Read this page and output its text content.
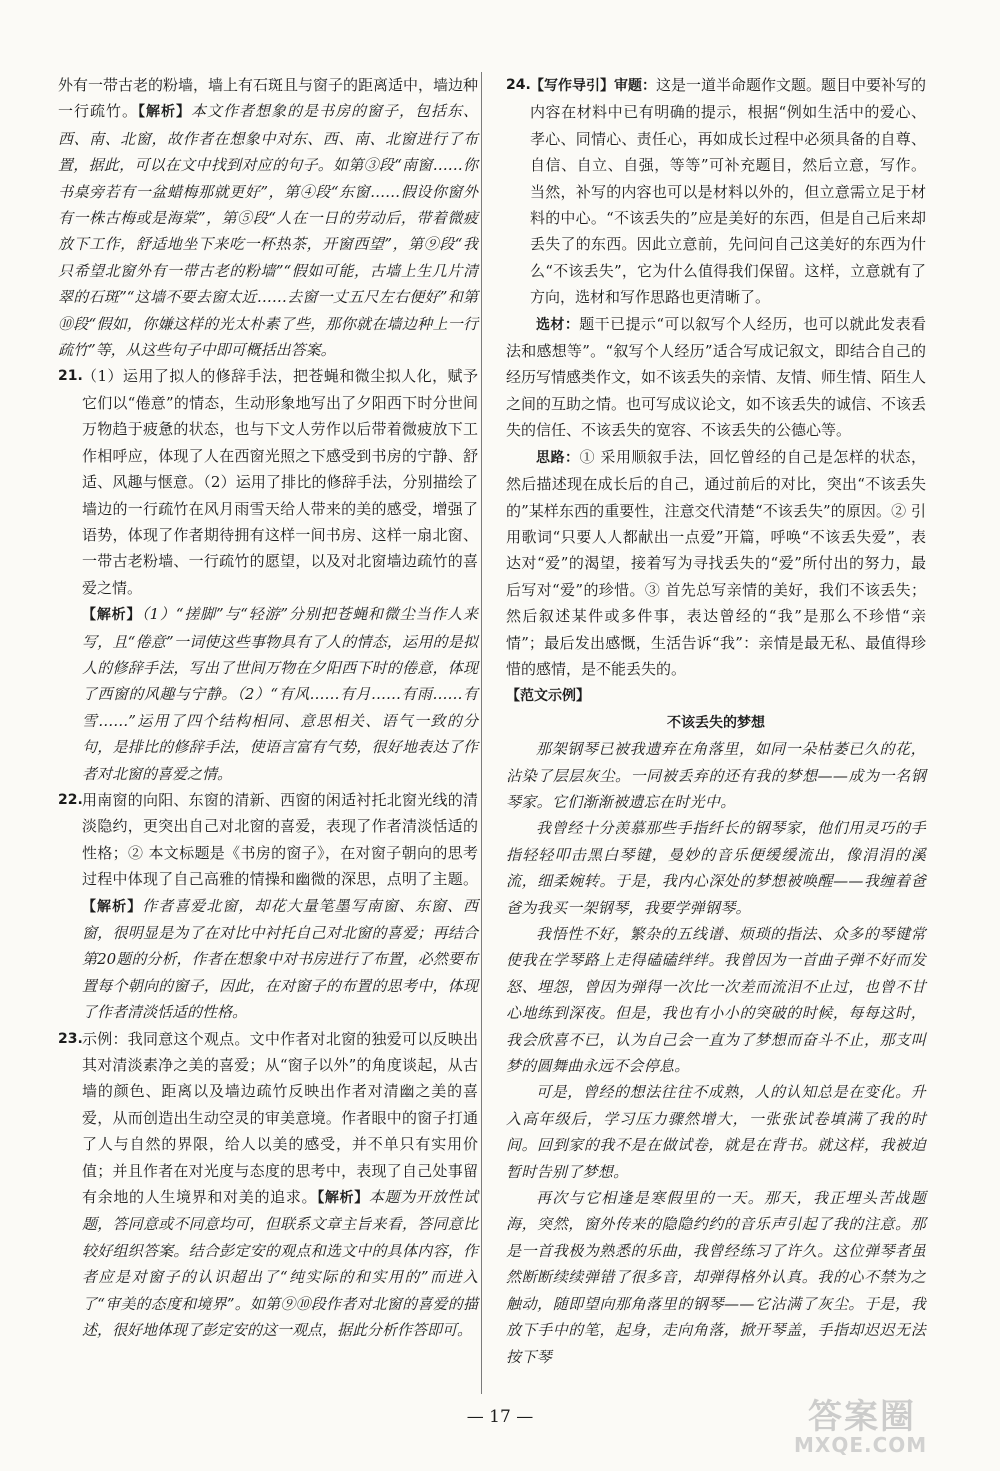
外有一带古老的粉墙，墙上有石斑且与窗子的距离适中，墙边种一行疏竹。【解析】本文作者想象的是书房的窗子，包括东、西、南、北窗，故作者在想象中对东、西、南、北窗进行了布置，据此，可以在文中找到对应的句子。如第③段“南窗……你书桌旁若有一盆蜡梅那就更好”，第④段“东窗……假设你窗外有一株古梅或是海棠”，第⑤段“人在一日的劳动后，带着微疲放下工作，舒适地坐下来吃一杯热茶，开窗西望”，第⑨段“我只希望北窗外有一带古老的粉墙”“假如可能，古墙上生几片清翠的石斑”“这墙不要去窗太近……去窗一丈五尺左右便好”和第⑩段“假如，你嫌这样的光太朴素了些，那你就在墙边种上一行疏竹”等，从这些句子中即可概括出答案。

21. （1）运用了拟人的修辞手法，把苍蝇和微尘拟人化，赋予它们以“倦意”的情态，生动形象地写出了夕阳西下时分世间万物趋于疲惫的状态，也与下文人劳作以后带着微疲放下工作相呼应，体现了人在西窗光照之下感受到书房的宁静、舒适、风趣与惬意。（2）运用了排比的修辞手法，分别描绘了墙边的一行疏竹在风月雨雪天给人带来的美的感受，增强了语势，体现了作者期待拥有这样一间书房、这样一扇北窗、一带古老粉墙、一行疏竹的愿望，以及对北窗墙边疏竹的喜爱之情。

【解析】（1）“搓脚”与“轻游”分别把苍蝇和微尘当作人来写，且“倦意”一词使这些事物具有了人的情态，运用的是拟人的修辞手法，写出了世间万物在夕阳西下时的倦意，体现了西窗的风趣与宁静。（2）“有风……有月……有雨……有雪……”运用了四个结构相同、意思相关、语气一致的分句，是排比的修辞手法，使语言富有气势，很好地表达了作者对北窗的喜爱之情。

22. 用南窗的向阳、东窗的清新、西窗的闲适衬托北窗光线的清淡隐约，更突出自己对北窗的喜爱，表现了作者清淡恬适的性格；② 本文标题是《书房的窗子》，在对窗子朝向的思考过程中体现了自己高雅的情操和幽微的深思，点明了主题。【解析】作者喜爱北窗，却花大量笔墨写南窗、东窗、西窗，很明显是为了在对比中衬托自己对北窗的喜爱；再结合第20题的分析，作者在想象中对书房进行了布置，必然要布置每个朝向的窗子，因此，在对窗子的布置的思考中，体现了作者清淡恬适的性格。

23. 示例：我同意这个观点。文中作者对北窗的独爱可以反映出其对清淡素净之美的喜爱；从“窗子以外”的角度谈起，从古墙的颜色、距离以及墙边疏竹反映出作者对清幽之美的喜爱，从而创造出生动空灵的审美意境。作者眼中的窗子打通了人与自然的界限，给人以美的感受，并不单只有实用价值；并且作者在对光度与态度的思考中，表现了自己处事留有余地的人生境界和对美的追求。【解析】本题为开放性试题，答同意或不同意均可，但联系文章主旨来看，答同意比较好组织答案。结合彭定安的观点和选文中的具体内容，作者应是对窗子的认识超出了“纯实际的和实用的”而进入了“审美的态度和境界”。如第⑨⑩段作者对北窗的喜爱的描述，很好地体现了彭定安的这一观点，据此分析作答即可。

24. 【写作导引】审题：这是一道半命题作文题。题目中要补写的内容在材料中已有明确的提示，根据“例如生活中的爱心、孝心、同情心、责任心，再如成长过程中必须具备的自尊、自信、自立、自强，等等”可补充题目，然后立意，写作。当然，补写的内容也可以是材料以外的，但立意需立足于材料的中心。“不该丢失的”应是美好的东西，但是自己后来却丢失了的东西。因此立意前，先问问自己这美好的东西为什么“不该丢失”，它为什么值得我们保留。这样，立意就有了方向，选材和写作思路也更清晰了。

选材：题干已提示“可以叙写个人经历，也可以就此发表看法和感想等”。“叙写个人经历”适合写成记叙文，即结合自己的经历写情感类作文，如不该丢失的亲情、友情、师生情、陌生人之间的互助之情。也可写成议论文，如不该丢失的诚信、不该丢失的信任、不该丢失的宽容、不该丢失的公德心等。

思路：① 采用顺叙手法，回忆曾经的自己是怎样的状态，然后描述现在成长后的自己，通过前后的对比，突出“不该丢失的”某样东西的重要性，注意交代清楚“不该丢失”的原因。② 引用歌词“只要人人都献出一点爱”开篇，呼唤“不该丢失爱”，表达对“爱”的渴望，接着写为寻找丢失的“爱”所付出的努力，最后写对“爱”的珍惜。③ 首先总写亲情的美好，我们不该丢失；然后叙述某件或多件事，表达曾经的“我”是那么不珍惜“亲情”；最后发出感慨，生活告诉“我”：亲情是最无私、最值得珍惜的感情，是不能丢失的。

【范文示例】

不该丢失的梦想

那架钢琴已被我遗弃在角落里，如同一朵枯萎已久的花，沾染了层层灰尘。一同被丢弃的还有我的梦想——成为一名钢琴家。它们渐渐被遗忘在时光中。

我曾经十分羡慕那些手指纤长的钢琴家，他们用灵巧的手指轻轻叩击黑白琴键，曼妙的音乐便缓缓流出，像涓涓的溪流，细柔婉转。于是，我内心深处的梦想被唤醒——我缠着爸爸为我买一架钢琴，我要学弹钢琴。

我悟性不好，繁杂的五线谱、烦琐的指法、众多的琴键常使我在学琴路上走得磕磕绊绊。我曾因为一首曲子弹不好而发怒、埋怨，曾因为弹得一次比一次差而流泪不止过，也曾不甘心地练到深夜。但是，我也有小小的突破的时候，每每这时，我会欣喜不已，认为自己会一直为了梦想而奋斗不止，那支叫梦的圆舞曲永远不会停息。

可是，曾经的想法往往不成熟，人的认知总是在变化。升入高年级后，学习压力骤然增大，一张张试卷填满了我的时间。回到家的我不是在做试卷，就是在背书。就这样，我被迫暂时告别了梦想。

再次与它相逢是寒假里的一天。那天，我正埋头苦战题海，突然，窗外传来的隐隐约约的音乐声引起了我的注意。那是一首我极为熟悉的乐曲，我曾经练习了许久。这位弹琴者虽然断断续续弹错了很多音，却弹得格外认真。我的心不禁为之触动，随即望向那角落里的钢琴——它沾满了灰尘。于是，我放下手中的笔，起身，走向角落，掀开琴盖，手指却迟迟无法按下琴

— 17 —	答案圈
MXQE.COM
